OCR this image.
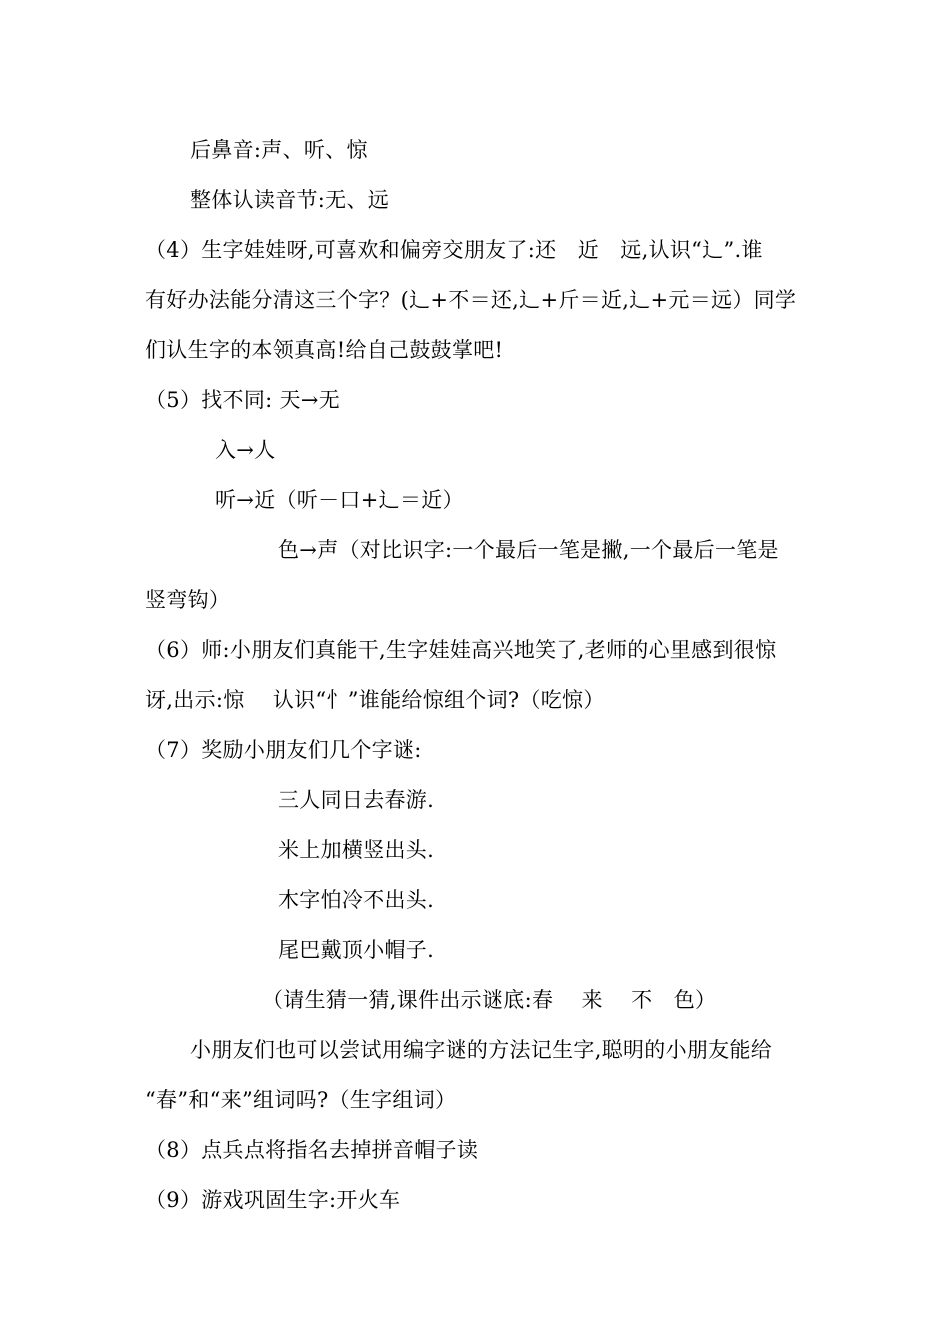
后鼻音:声、听、惊
整体认读音节:无、远
（4）生字娃娃呀,可喜欢和偏旁交朋友了:还　近　远,认识“辶”.谁
有好办法能分清这三个字？(辶+不＝还,辶+斤＝近,辶+元＝远）同学
们认生字的本领真高!给自己鼓鼓掌吧!
（5）找不同: 天→无
入→人
听→近（听－口+辶＝近）
色→声（对比识字:一个最后一笔是撇,一个最后一笔是
竖弯钩）
（6）师:小朋友们真能干,生字娃娃高兴地笑了,老师的心里感到很惊
讶,出示:惊　 认识“忄”谁能给惊组个词?（吃惊）
（7）奖励小朋友们几个字谜:
三人同日去春游.
米上加横竖出头.
木字怕冷不出头.
尾巴戴顶小帽子.
（请生猜一猜,课件出示谜底:春　 来　 不　色）
小朋友们也可以尝试用编字谜的方法记生字,聪明的小朋友能给
“春”和“来”组词吗?（生字组词）
（8）点兵点将指名去掉拼音帽子读
（9）游戏巩固生字:开火车
